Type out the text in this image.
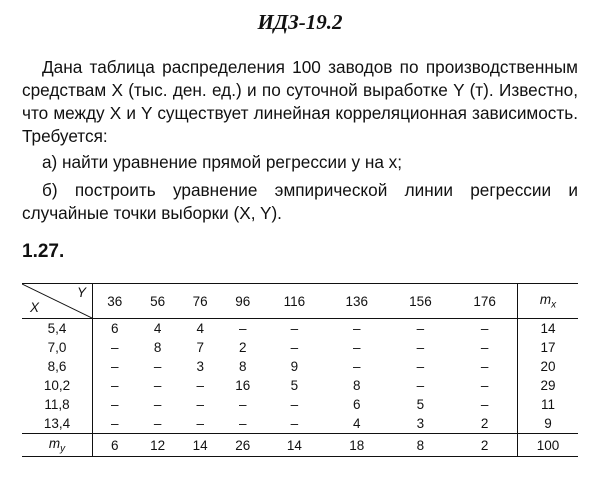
ИДЗ-19.2
Дана таблица распределения 100 заводов по производственным средствам X (тыс. ден. ед.) и по суточной выработке Y (т). Известно, что между X и Y существует линейная корреляционная зависимость. Требуется:
а) найти уравнение прямой регрессии y на x;
б) построить уравнение эмпирической линии регрессии и случайные точки выборки (X, Y).
1.27.
X
Y	36	56	76	96	116	136	156	176	$m_x$
5,4	6	4	4	–	–	–	–	–	14
7,0	–	8	7	2	–	–	–	–	17
8,6	–	–	3	8	9	–	–	–	20
10,2	–	–	–	16	5	8	–	–	29
11,8	–	–	–	–	–	6	5	–	11
13,4	–	–	–	–	–	4	3	2	9
$m_y$	6	12	14	26	14	18	8	2	100
